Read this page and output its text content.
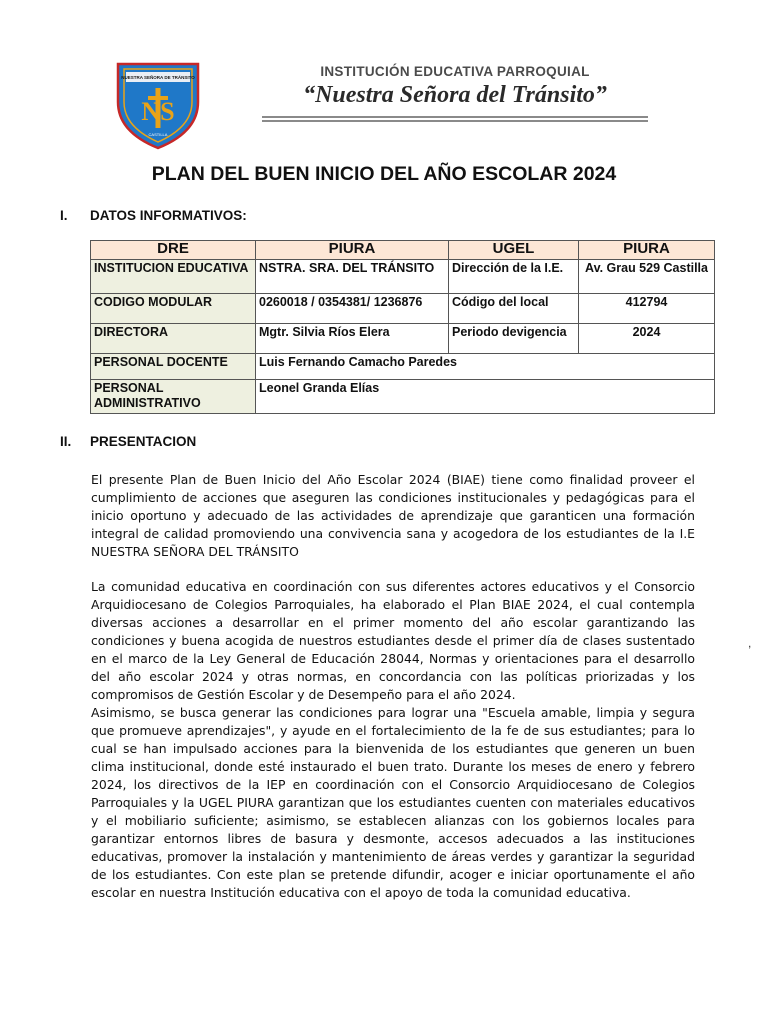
NUESTRA SEÑORA DE TRÁNSITO
NS
CASTILLA
INSTITUCIÓN EDUCATIVA PARROQUIAL
“Nuestra Señora del Tránsito”
PLAN DEL BUEN INICIO DEL AÑO ESCOLAR 2024
I. DATOS INFORMATIVOS:
DRE	PIURA	UGEL	PIURA
INSTITUCION EDUCATIVA	NSTRA. SRA. DEL TRÁNSITO	Dirección de la I.E.	Av. Grau 529 Castilla
CODIGO MODULAR	0260018 / 0354381/ 1236876	Código del local	412794
DIRECTORA	Mgtr. Silvia Ríos Elera	Periodo devigencia	2024
PERSONAL DOCENTE	Luis Fernando Camacho Paredes		
PERSONAL ADMINISTRATIVO	Leonel Granda Elías		
II. PRESENTACION

El presente Plan de Buen Inicio del Año Escolar 2024 (BIAE) tiene como finalidad proveer el cumplimiento de acciones que aseguren las condiciones institucionales y pedagógicas para el inicio oportuno y adecuado de las actividades de aprendizaje que garanticen una formación integral de calidad promoviendo una convivencia sana y acogedora de los estudiantes de la I.E NUESTRA SEÑORA DEL TRÁNSITO

La comunidad educativa en coordinación con sus diferentes actores educativos y el Consorcio Arquidiocesano de Colegios Parroquiales, ha elaborado el Plan BIAE 2024, el cual contempla diversas acciones a desarrollar en el primer momento del año escolar garantizando las condiciones y buena acogida de nuestros estudiantes desde el primer día de clases sustentado en el marco de la Ley General de Educación 28044, Normas y orientaciones para el desarrollo del año escolar 2024 y otras normas, en concordancia con las políticas priorizadas y los compromisos de Gestión Escolar y de Desempeño para el año 2024.

Asimismo, se busca generar las condiciones para lograr una "Escuela amable, limpia y segura que promueve aprendizajes", y ayude en el fortalecimiento de la fe de sus estudiantes; para lo cual se han impulsado acciones para la bienvenida de los estudiantes que generen un buen clima institucional, donde esté instaurado el buen trato. Durante los meses de enero y febrero 2024, los directivos de la IEP en coordinación con el Consorcio Arquidiocesano de Colegios Parroquiales y la UGEL PIURA garantizan que los estudiantes cuenten con materiales educativos y el mobiliario suficiente; asimismo, se establecen alianzas con los gobiernos locales para garantizar entornos libres de basura y desmonte, accesos adecuados a las instituciones educativas, promover la instalación y mantenimiento de áreas verdes y garantizar la seguridad de los estudiantes. Con este plan se pretende difundir, acoger e iniciar oportunamente el año escolar en nuestra Institución educativa con el apoyo de toda la comunidad educativa.

,
